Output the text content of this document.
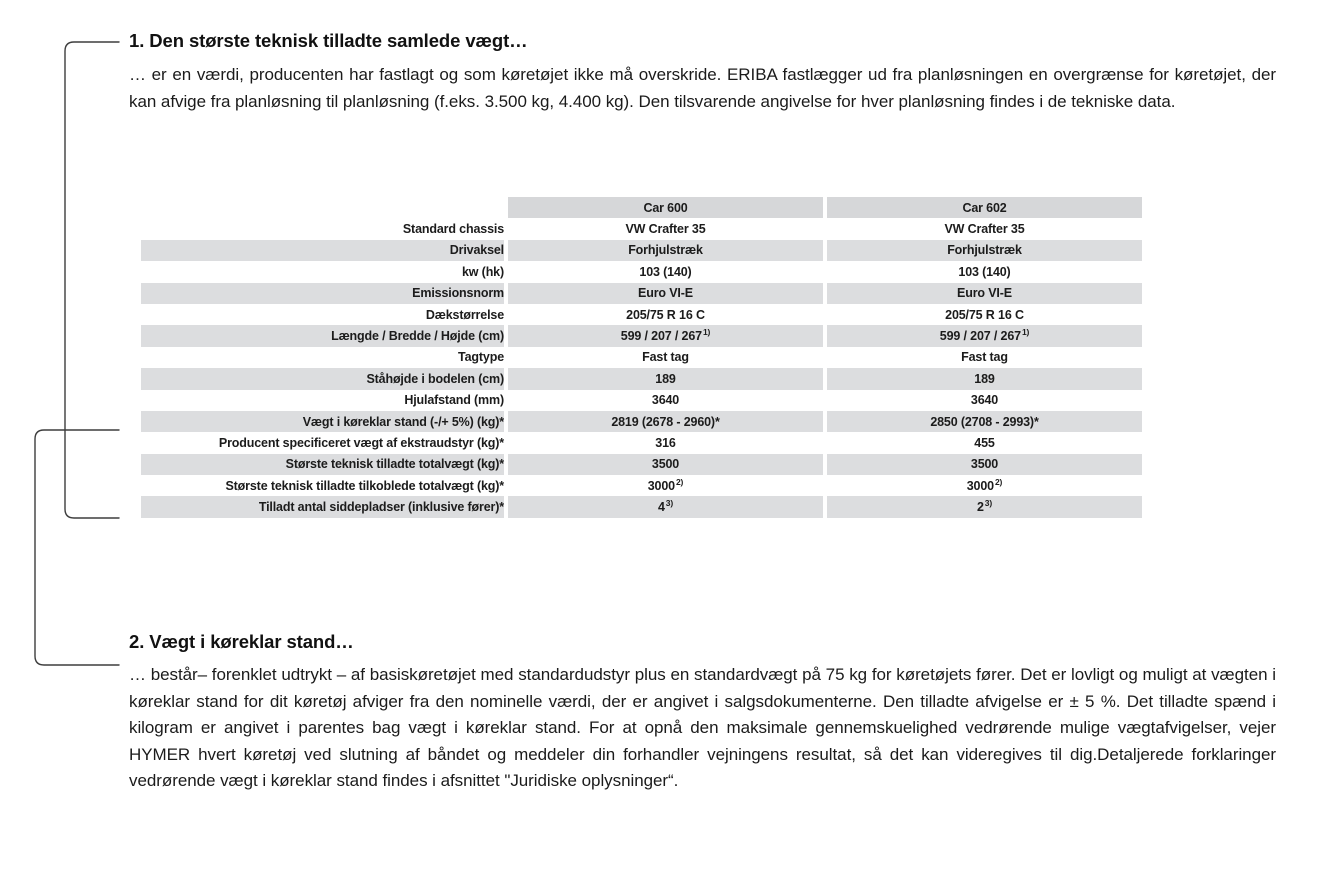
1. Den største teknisk tilladte samlede vægt…

… er en værdi, producenten har fastlagt og som køretøjet ikke må overskride. ERIBA fastlægger ud fra planløsningen en overgrænse for køretøjet, der kan afvige fra planløsning til planløsning (f.eks. 3.500 kg, 4.400 kg). Den tilsvarende angivelse for hver planløsning findes i de tekniske data.

		Car 600		Car 602
Standard chassis		VW Crafter 35		VW Crafter 35
Drivaksel		Forhjulstræk		Forhjulstræk
kw (hk)		103 (140)		103 (140)
Emissionsnorm		Euro VI-E		Euro VI-E
Dækstørrelse		205/75 R 16 C		205/75 R 16 C
Længde / Bredde / Højde (cm)		599 / 207 / 267$^{1)}$		599 / 207 / 267$^{1)}$
Tagtype		Fast tag		Fast tag
Ståhøjde i bodelen (cm)		189		189
Hjulafstand (mm)		3640		3640
Vægt i køreklar stand (-/+ 5%) (kg)*		2819 (2678 - 2960)*		2850 (2708 - 2993)*
Producent specificeret vægt af ekstraudstyr (kg)*		316		455
Største teknisk tilladte totalvægt (kg)*		3500		3500
Største teknisk tilladte tilkoblede totalvægt (kg)*		3000$^{2)}$		3000$^{2)}$
Tilladt antal siddepladser (inklusive fører)*		4$^{3)}$		2$^{3)}$
2. Vægt i køreklar stand…

… består– forenklet udtrykt – af basiskøretøjet med standardudstyr plus en standardvægt på 75 kg for køretøjets fører. Det er lovligt og muligt at vægten i køreklar stand for dit køretøj afviger fra den nominelle værdi, der er angivet i salgsdokumenterne. Den tilladte afvigelse er ± 5 %. Det tilladte spænd i kilogram er angivet i parentes bag vægt i køreklar stand. For at opnå den maksimale gennemskuelighed vedrørende mulige vægtafvigelser, vejer HYMER hvert køretøj ved slutning af båndet og meddeler din forhandler vejningens resultat, så det kan videregives til dig.Detaljerede forklaringer vedrørende vægt i køreklar stand findes i afsnittet "Juridiske oplysninger“.
